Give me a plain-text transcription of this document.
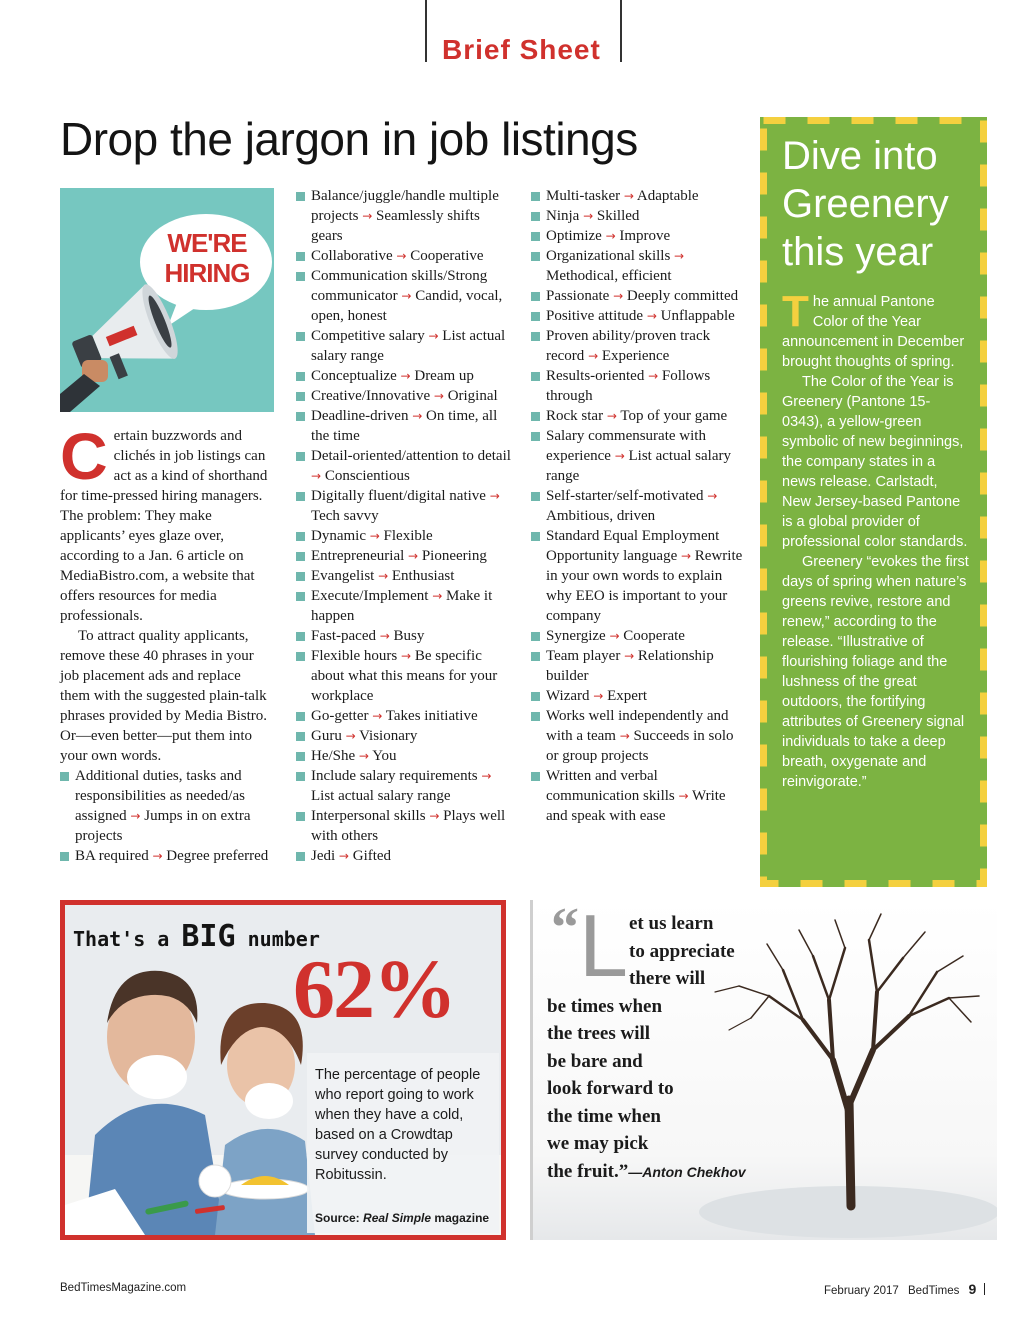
Brief Sheet
Drop the jargon in job listings
WE'RE
HIRING

Certain buzzwords and clichés in job listings can act as a kind of shorthand for time-pressed hiring managers. The problem: They make applicants’ eyes glaze over, according to a Jan. 6 article on MediaBistro.com, a website that offers resources for media professionals.

To attract quality applicants, remove these 40 phrases in your job placement ads and replace them with the suggested plain-talk phrases provided by Media Bistro. Or—even better—put them into your own words.

Additional duties, tasks and responsibilities as needed/as assigned → Jumps in on extra projects
BA required → Degree preferred
Balance/juggle/handle multiple projects → Seamlessly shifts gears
Collaborative → Cooperative
Communication skills/Strong communicator → Candid, vocal, open, honest
Competitive salary → List actual salary range
Conceptualize → Dream up
Creative/Innovative → Original
Deadline-driven → On time, all the time
Detail-oriented/attention to detail → Conscientious
Digitally fluent/digital native → Tech savvy
Dynamic → Flexible
Entrepreneurial → Pioneering
Evangelist → Enthusiast
Execute/Implement → Make it happen
Fast-paced → Busy
Flexible hours → Be specific about what this means for your workplace
Go-getter → Takes initiative
Guru → Visionary
He/She → You
Include salary requirements → List actual salary range
Interpersonal skills → Plays well with others
Jedi → Gifted
Multi-tasker → Adaptable
Ninja → Skilled
Optimize → Improve
Organizational skills → Methodical, efficient
Passionate → Deeply committed
Positive attitude → Unflappable
Proven ability/proven track record → Experience
Results-oriented → Follows through
Rock star → Top of your game
Salary commensurate with experience → List actual salary range
Self-starter/self-motivated → Ambitious, driven
Standard Equal Employment Opportunity language → Rewrite in your own words to explain why EEO is important to your company
Synergize → Cooperate
Team player → Relationship builder
Wizard → Expert
Works well independently and with a team → Succeeds in solo or group projects
Written and verbal communication skills → Write and speak with ease
Dive into Greenery this year

The annual Pantone Color of the Year announcement in December brought thoughts of spring.

The Color of the Year is Greenery (Pantone 15-0343), a yellow-green symbolic of new beginnings, the company states in a news release. Carlstadt, New Jersey-based Pantone is a global provider of professional color standards.

Greenery “evokes the first days of spring when nature’s greens revive, restore and renew,” according to the release. “Illustrative of flourishing foliage and the lushness of the great outdoors, the fortifying attributes of Greenery signal individuals to take a deep breath, oxygenate and reinvigorate.”

That's a BIG number
62%
The percentage of people who report going to work when they have a cold, based on a Crowdtap survey conducted by Robitussin.
Source: Real Simple magazine
“ L et us learn
to appreciate
there will
be times when
the trees will
be bare and
look forward to
the time when
we may pick
the fruit.”—Anton Chekhov
BedTimesMagazine.com	February 2017 BedTimes 9
